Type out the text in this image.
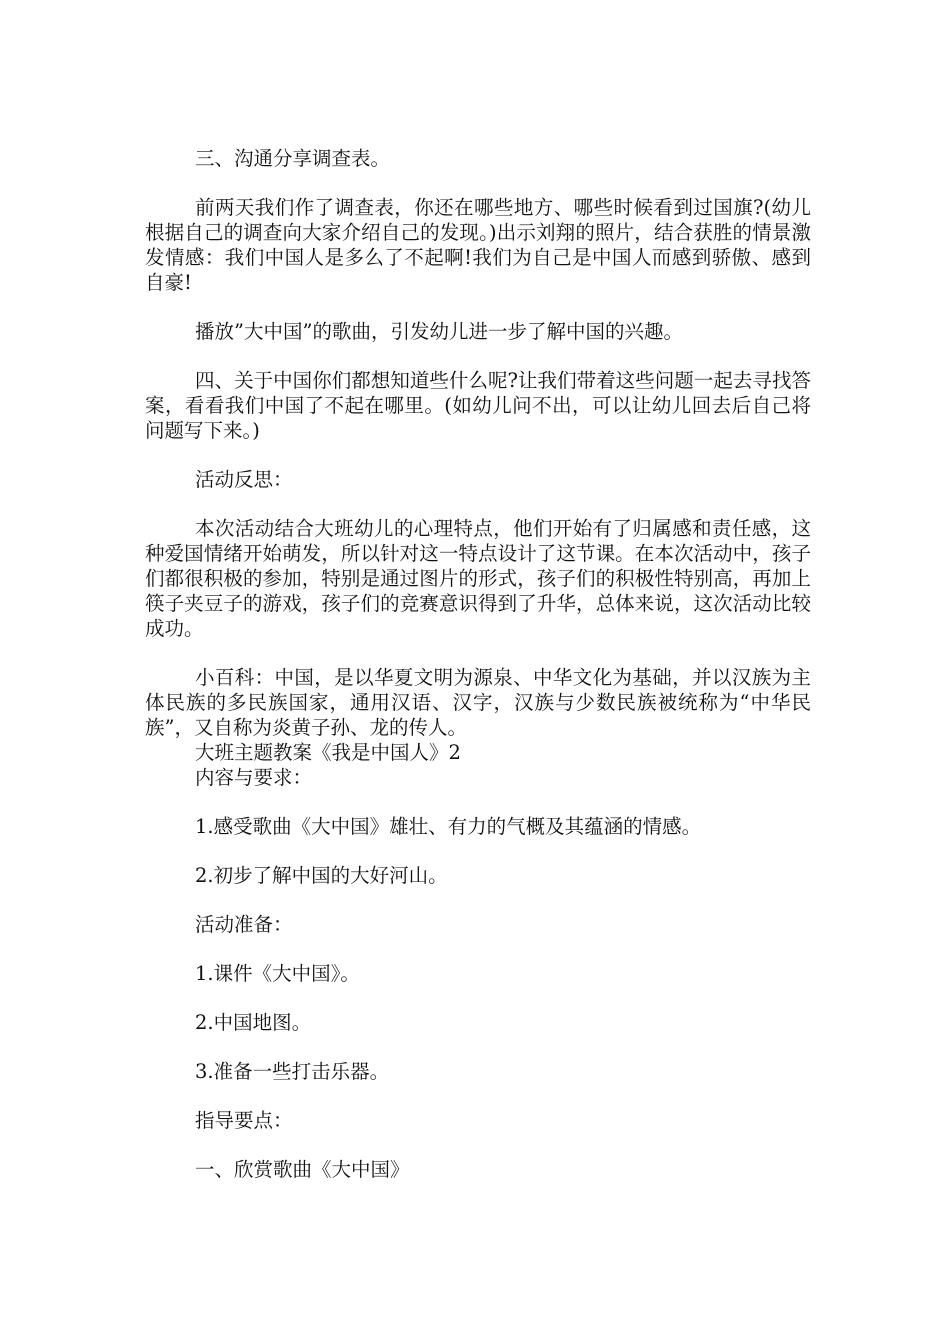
三、沟通分享调查表。

前两天我们作了调查表，你还在哪些地方、哪些时候看到过国旗?(幼儿根据自己的调查向大家介绍自己的发现。)出示刘翔的照片，结合获胜的情景激发情感：我们中国人是多么了不起啊!我们为自己是中国人而感到骄傲、感到自豪!

播放”大中国”的歌曲，引发幼儿进一步了解中国的兴趣。

四、关于中国你们都想知道些什么呢?让我们带着这些问题一起去寻找答案，看看我们中国了不起在哪里。(如幼儿问不出，可以让幼儿回去后自己将问题写下来。)

活动反思：

本次活动结合大班幼儿的心理特点，他们开始有了归属感和责任感，这种爱国情绪开始萌发，所以针对这一特点设计了这节课。在本次活动中，孩子们都很积极的参加，特别是通过图片的形式，孩子们的积极性特别高，再加上筷子夹豆子的游戏，孩子们的竞赛意识得到了升华，总体来说，这次活动比较成功。

小百科：中国，是以华夏文明为源泉、中华文化为基础，并以汉族为主体民族的多民族国家，通用汉语、汉字，汉族与少数民族被统称为“中华民族”，又自称为炎黄子孙、龙的传人。

大班主题教案《我是中国人》2

内容与要求：

1.感受歌曲《大中国》雄壮、有力的气概及其蕴涵的情感。

2.初步了解中国的大好河山。

活动准备：

1.课件《大中国》。

2.中国地图。

3.准备一些打击乐器。

指导要点：

一、欣赏歌曲《大中国》
